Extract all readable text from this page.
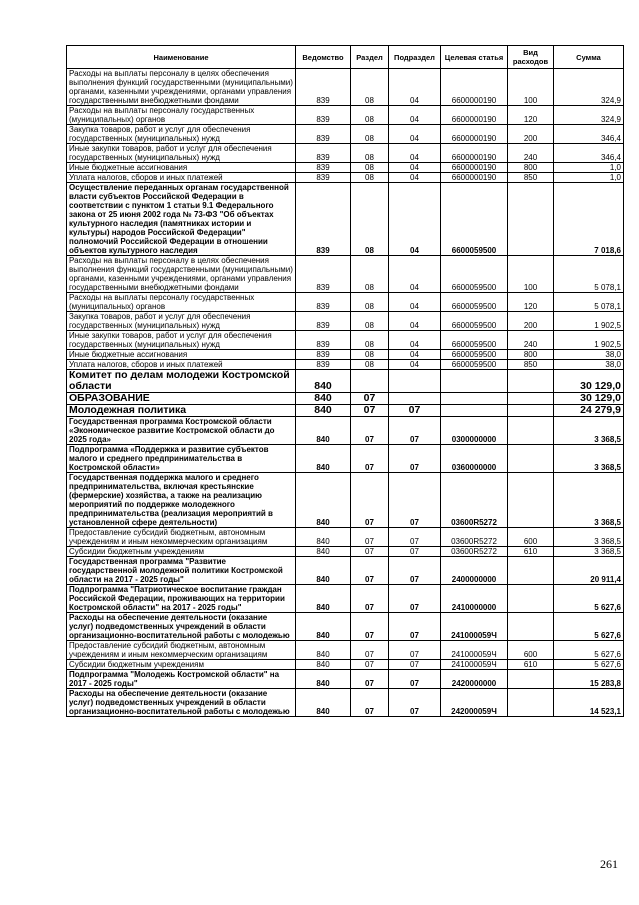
Наименование	Ведомство	Раздел	Подраздел	Целевая статья	Вид расходов	Сумма
Расходы на выплаты персоналу в целях обеспечения выполнения функций государственными (муниципальными) органами, казенными учреждениями, органами управления государственными внебюджетными фондами	839	08	04	6600000190	100	324,9
Расходы на выплаты персоналу государственных (муниципальных) органов	839	08	04	6600000190	120	324,9
Закупка товаров, работ и услуг для обеспечения государственных (муниципальных) нужд	839	08	04	6600000190	200	346,4
Иные закупки товаров, работ и услуг для обеспечения государственных (муниципальных) нужд	839	08	04	6600000190	240	346,4
Иные бюджетные ассигнования	839	08	04	6600000190	800	1,0
Уплата налогов, сборов и иных платежей	839	08	04	6600000190	850	1,0
Осуществление переданных органам государственной власти субъектов Российской Федерации в соответствии с пунктом 1 статьи 9.1 Федерального закона от 25 июня 2002 года № 73-ФЗ "Об объектах культурного наследия (памятниках истории и культуры) народов Российской Федерации" полномочий Российской Федерации в отношении объектов культурного наследия	839	08	04	6600059500		7 018,6
Расходы на выплаты персоналу в целях обеспечения выполнения функций государственными (муниципальными) органами, казенными учреждениями, органами управления государственными внебюджетными фондами	839	08	04	6600059500	100	5 078,1
Расходы на выплаты персоналу государственных (муниципальных) органов	839	08	04	6600059500	120	5 078,1
Закупка товаров, работ и услуг для обеспечения государственных (муниципальных) нужд	839	08	04	6600059500	200	1 902,5
Иные закупки товаров, работ и услуг для обеспечения государственных (муниципальных) нужд	839	08	04	6600059500	240	1 902,5
Иные бюджетные ассигнования	839	08	04	6600059500	800	38,0
Уплата налогов, сборов и иных платежей	839	08	04	6600059500	850	38,0
Комитет по делам молодежи Костромской области	840					30 129,0
ОБРАЗОВАНИЕ	840	07				30 129,0
Молодежная политика	840	07	07			24 279,9
Государственная программа Костромской области «Экономическое развитие Костромской области до 2025 года»	840	07	07	0300000000		3 368,5
Подпрограмма «Поддержка и развитие субъектов малого и среднего предпринимательства в Костромской области»	840	07	07	0360000000		3 368,5
Государственная поддержка малого и среднего предпринимательства, включая крестьянские (фермерские) хозяйства, а также на реализацию мероприятий по поддержке молодежного предпринимательства (реализация мероприятий в установленной сфере деятельности)	840	07	07	03600R5272		3 368,5
Предоставление субсидий бюджетным, автономным учреждениям и иным некоммерческим организациям	840	07	07	03600R5272	600	3 368,5
Субсидии бюджетным учреждениям	840	07	07	03600R5272	610	3 368,5
Государственная программа "Развитие государственной молодежной политики Костромской области на 2017 - 2025 годы"	840	07	07	2400000000		20 911,4
Подпрограмма "Патриотическое воспитание граждан Российской Федерации, проживающих на территории Костромской области" на 2017 - 2025 годы"	840	07	07	2410000000		5 627,6
Расходы на обеспечение деятельности (оказание услуг) подведомственных учреждений в области организационно-воспитательной работы с молодежью	840	07	07	241000059Ч		5 627,6
Предоставление субсидий бюджетным, автономным учреждениям и иным некоммерческим организациям	840	07	07	241000059Ч	600	5 627,6
Субсидии бюджетным учреждениям	840	07	07	241000059Ч	610	5 627,6
Подпрограмма "Молодежь Костромской области" на 2017 - 2025 годы"	840	07	07	2420000000		15 283,8
Расходы на обеспечение деятельности (оказание услуг) подведомственных учреждений в области организационно-воспитательной работы с молодежью	840	07	07	242000059Ч		14 523,1
261
